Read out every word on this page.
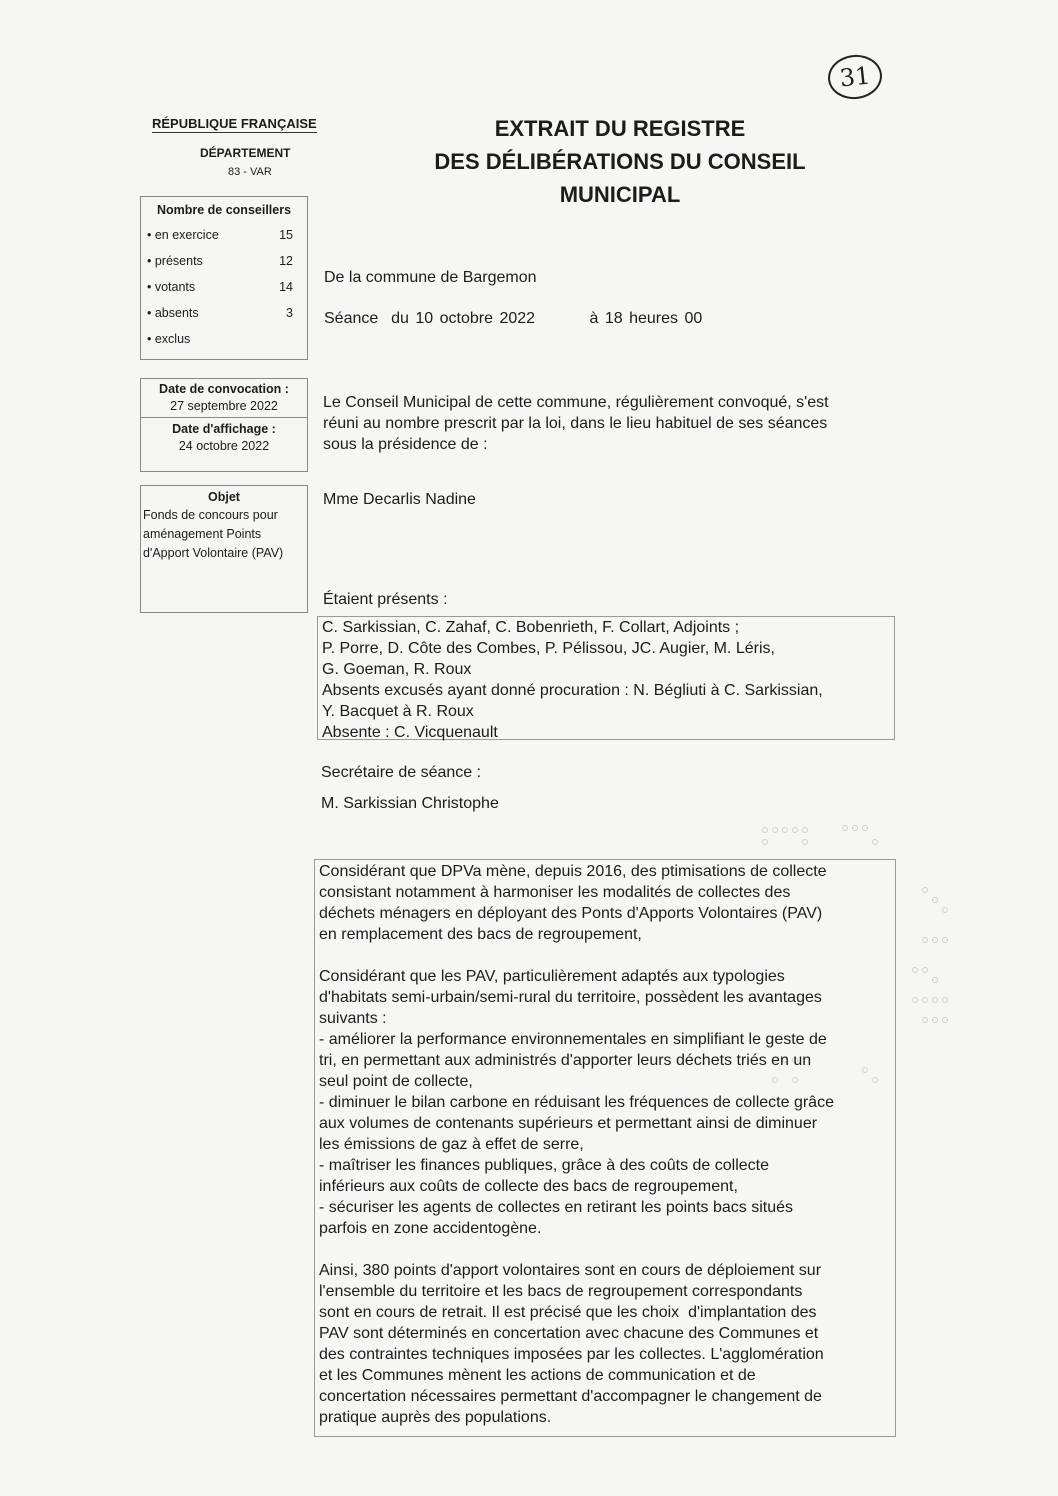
31
RÉPUBLIQUE FRANÇAISE
DÉPARTEMENT
83 - VAR
EXTRAIT DU REGISTRE
DES DÉLIBÉRATIONS DU CONSEIL
MUNICIPAL
Nombre de conseillers
• en exercice	15
• présents	12
• votants	14
• absents	3
• exclus
Date de convocation :
27 septembre 2022
Date d'affichage :
24 octobre 2022
Objet
Fonds de concours pour
aménagement Points
d'Apport Volontaire (PAV)
De la commune de Bargemon
Séance  du 10 octobre 2022	à 18 heures 00
Le Conseil Municipal de cette commune, régulièrement convoqué, s'est
réuni au nombre prescrit par la loi, dans le lieu habituel de ses séances
sous la présidence de :
Mme Decarlis Nadine
Étaient présents :
C. Sarkissian, C. Zahaf, C. Bobenrieth, F. Collart, Adjoints ;
P. Porre, D. Côte des Combes, P. Pélissou, JC. Augier, M. Léris,
G. Goeman, R. Roux
Absents excusés ayant donné procuration : N. Bégliuti à C. Sarkissian,
Y. Bacquet à R. Roux
Absente : C. Vicquenault
Secrétaire de séance :
M. Sarkissian Christophe
Considérant que DPVa mène, depuis 2016, des ptimisations de collecte
consistant notamment à harmoniser les modalités de collectes des
déchets ménagers en déployant des Ponts d'Apports Volontaires (PAV)
en remplacement des bacs de regroupement,
Considérant que les PAV, particulièrement adaptés aux typologies
d'habitats semi-urbain/semi-rural du territoire, possèdent les avantages
suivants :
- améliorer la performance environnementales en simplifiant le geste de
tri, en permettant aux administrés d'apporter leurs déchets triés en un
seul point de collecte,
- diminuer le bilan carbone en réduisant les fréquences de collecte grâce
aux volumes de contenants supérieurs et permettant ainsi de diminuer
les émissions de gaz à effet de serre,
- maîtriser les finances publiques, grâce à des coûts de collecte
inférieurs aux coûts de collecte des bacs de regroupement,
- sécuriser les agents de collectes en retirant les points bacs situés
parfois en zone accidentogène.
Ainsi, 380 points d'apport volontaires sont en cours de déploiement sur
l'ensemble du territoire et les bacs de regroupement correspondants
sont en cours de retrait. Il est précisé que les choix  d'implantation des
PAV sont déterminés en concertation avec chacune des Communes et
des contraintes techniques imposées par les collectes. L'agglomération
et les Communes mènent les actions de communication et de
concertation nécessaires permettant d'accompagner le changement de
pratique auprès des populations.
